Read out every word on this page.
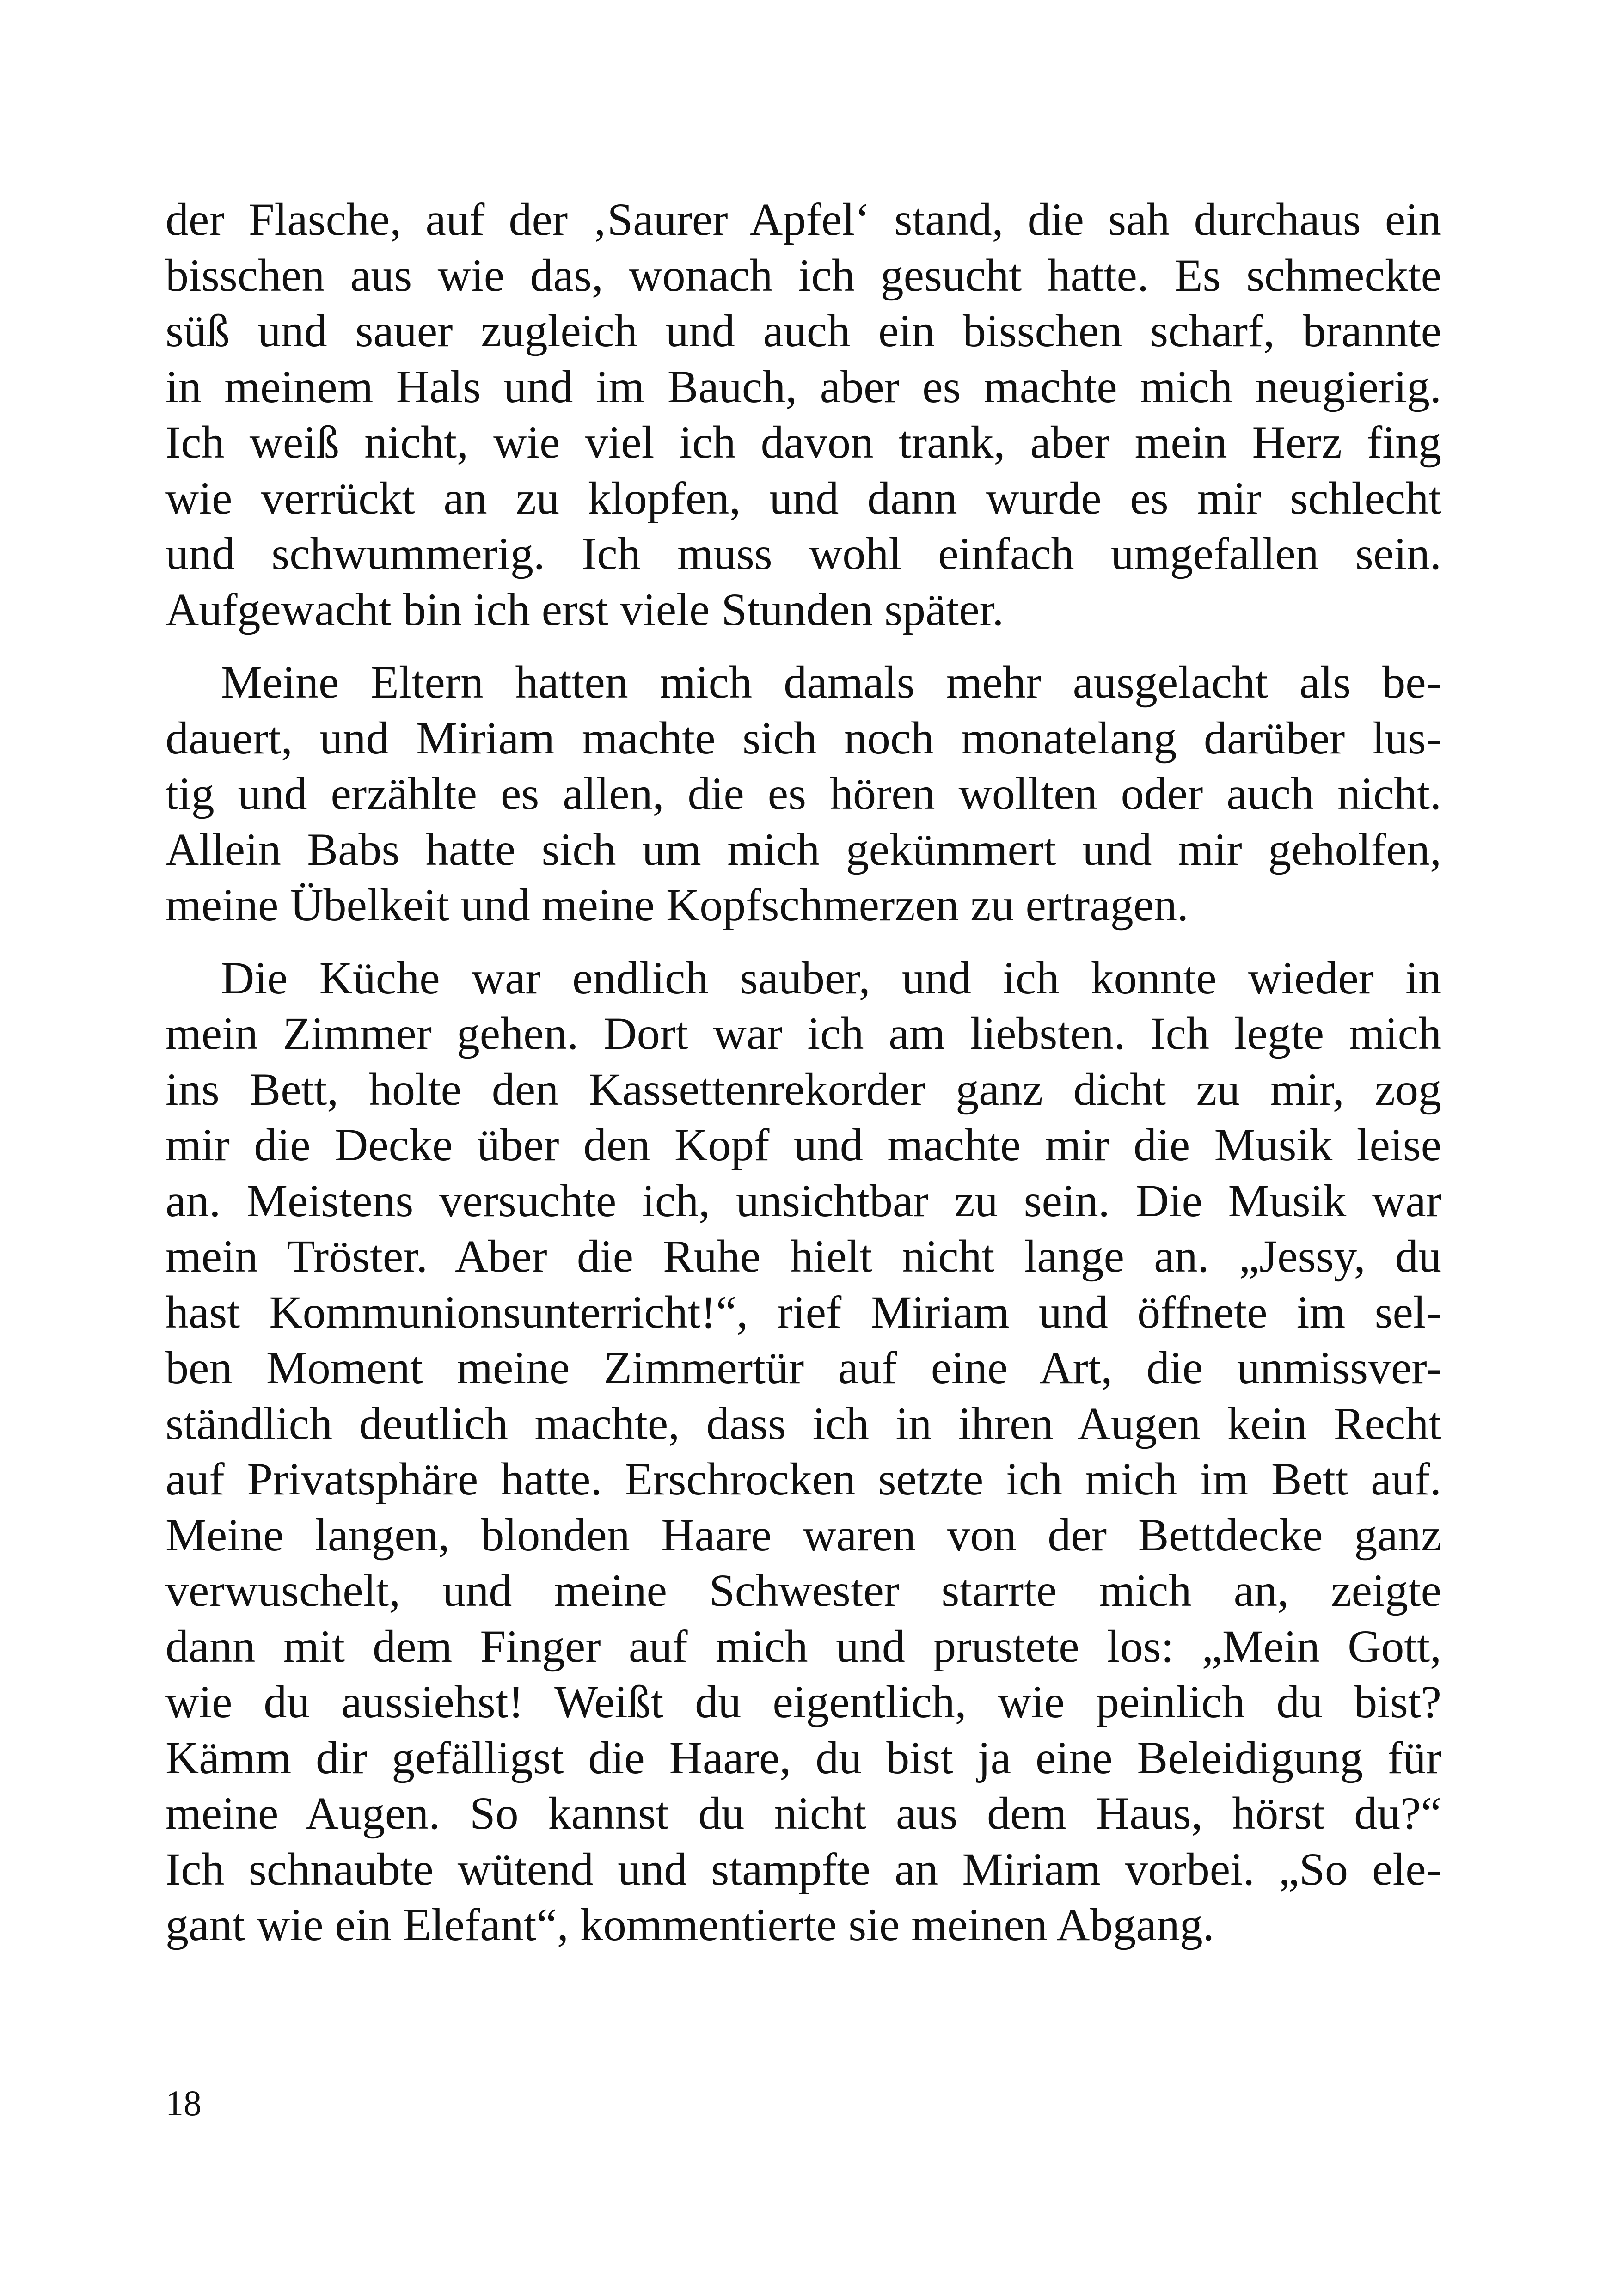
der Flasche, auf der ‚Saurer Apfel‘ stand, die sah durchaus ein
bisschen aus wie das, wonach ich gesucht hatte. Es schmeckte
süß und sauer zugleich und auch ein bisschen scharf, brannte
in meinem Hals und im Bauch, aber es machte mich neugierig.
Ich weiß nicht, wie viel ich davon trank, aber mein Herz fing
wie verrückt an zu klopfen, und dann wurde es mir schlecht
und schwummerig. Ich muss wohl einfach umgefallen sein.
Aufgewacht bin ich erst viele Stunden später.

Meine Eltern hatten mich damals mehr ausgelacht als be-
dauert, und Miriam machte sich noch monatelang darüber lus-
tig und erzählte es allen, die es hören wollten oder auch nicht.
Allein Babs hatte sich um mich gekümmert und mir geholfen,
meine Übelkeit und meine Kopfschmerzen zu ertragen.

Die Küche war endlich sauber, und ich konnte wieder in
mein Zimmer gehen. Dort war ich am liebsten. Ich legte mich
ins Bett, holte den Kassettenrekorder ganz dicht zu mir, zog
mir die Decke über den Kopf und machte mir die Musik leise
an. Meistens versuchte ich, unsichtbar zu sein. Die Musik war
mein Tröster. Aber die Ruhe hielt nicht lange an. „Jessy, du
hast Kommunionsunterricht!“, rief Miriam und öffnete im sel-
ben Moment meine Zimmertür auf eine Art, die unmissver-
ständlich deutlich machte, dass ich in ihren Augen kein Recht
auf Privatsphäre hatte. Erschrocken setzte ich mich im Bett auf.
Meine langen, blonden Haare waren von der Bettdecke ganz
verwuschelt, und meine Schwester starrte mich an, zeigte
dann mit dem Finger auf mich und prustete los: „Mein Gott,
wie du aussiehst! Weißt du eigentlich, wie peinlich du bist?
Kämm dir gefälligst die Haare, du bist ja eine Beleidigung für
meine Augen. So kannst du nicht aus dem Haus, hörst du?“
Ich schnaubte wütend und stampfte an Miriam vorbei. „So ele-
gant wie ein Elefant“, kommentierte sie meinen Abgang.

18
